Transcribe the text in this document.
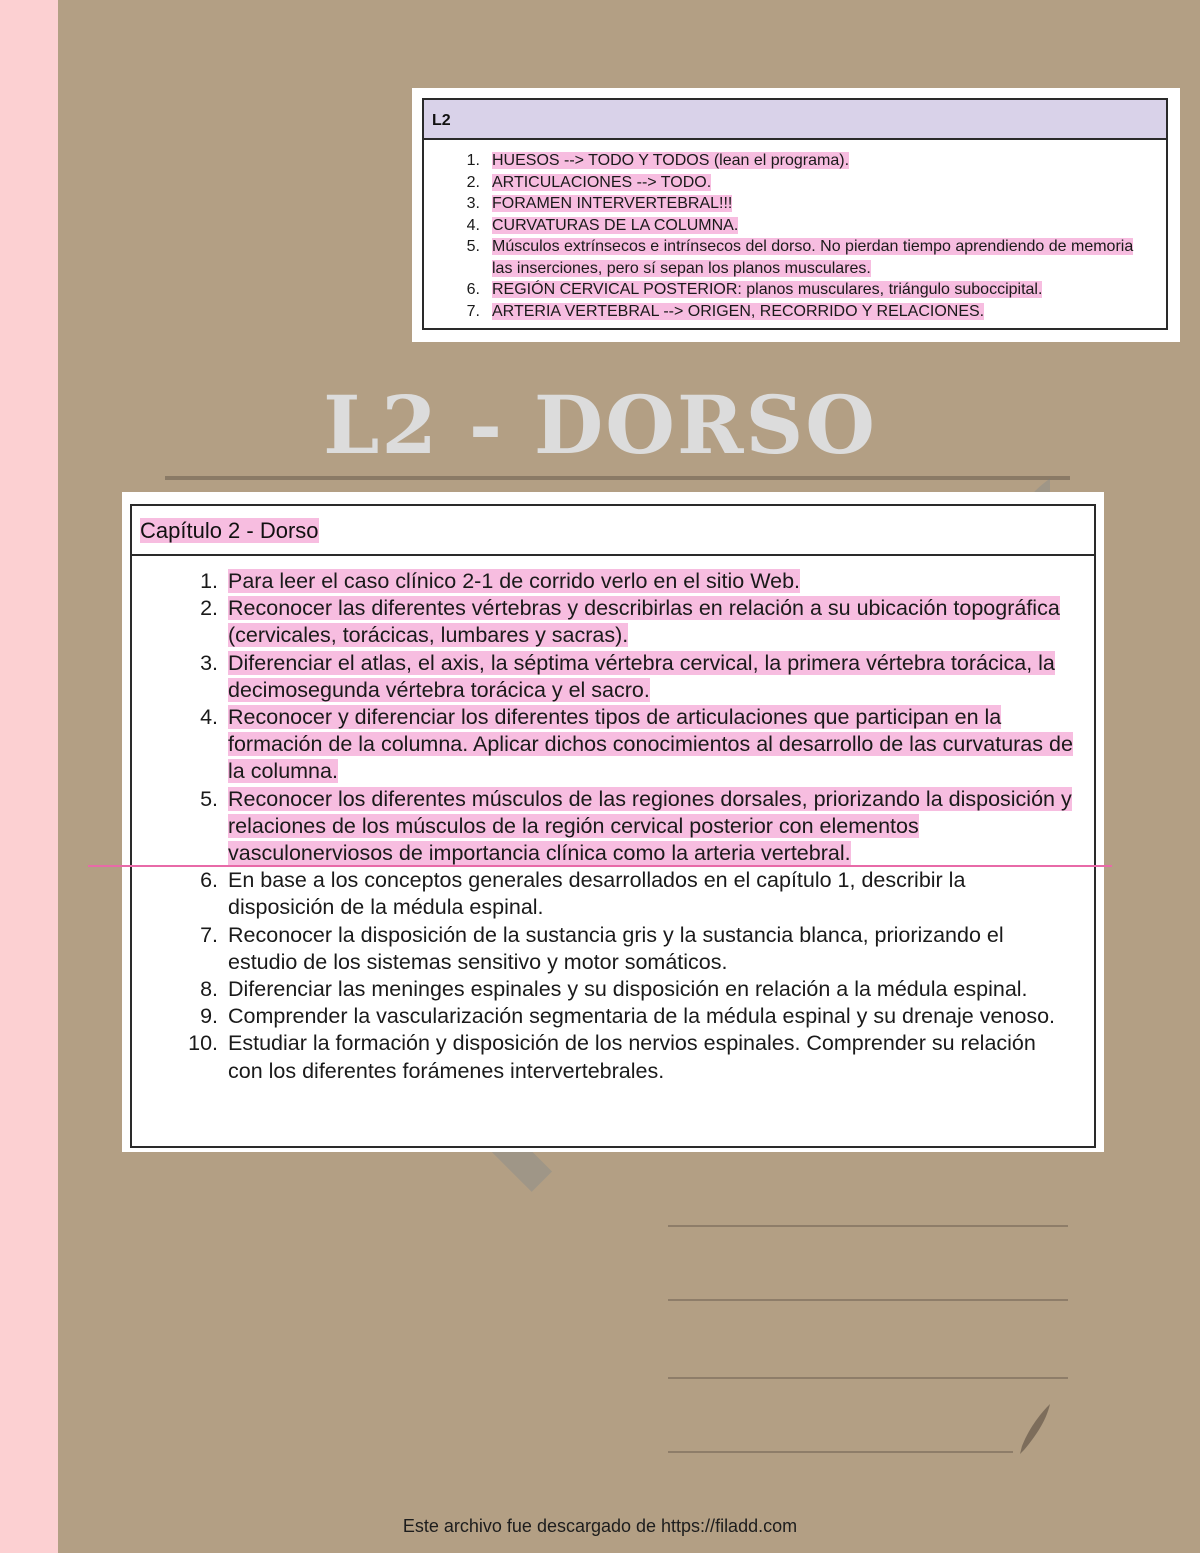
L2
1. HUESOS --> TODO Y TODOS (lean el programa).
2. ARTICULACIONES --> TODO.
3. FORAMEN INTERVERTEBRAL!!!
4. CURVATURAS DE LA COLUMNA.
5. Músculos extrínsecos e intrínsecos del dorso. No pierdan tiempo aprendiendo de memoria las inserciones, pero sí sepan los planos musculares.
6. REGIÓN CERVICAL POSTERIOR: planos musculares, triángulo suboccipital.
7. ARTERIA VERTEBRAL --> ORIGEN, RECORRIDO Y RELACIONES.
L2 - DORSO
Capítulo 2 - Dorso
1. Para leer el caso clínico 2-1 de corrido verlo en el sitio Web.
2. Reconocer las diferentes vértebras y describirlas en relación a su ubicación topográfica (cervicales, torácicas, lumbares y sacras).
3. Diferenciar el atlas, el axis, la séptima vértebra cervical, la primera vértebra torácica, la decimosegunda vértebra torácica y el sacro.
4. Reconocer y diferenciar los diferentes tipos de articulaciones que participan en la formación de la columna. Aplicar dichos conocimientos al desarrollo de las curvaturas de la columna.
5. Reconocer los diferentes músculos de las regiones dorsales, priorizando la disposición y relaciones de los músculos de la región cervical posterior con elementos vasculonerviosos de importancia clínica como la arteria vertebral.
6. En base a los conceptos generales desarrollados en el capítulo 1, describir la disposición de la médula espinal.
7. Reconocer la disposición de la sustancia gris y la sustancia blanca, priorizando el estudio de los sistemas sensitivo y motor somáticos.
8. Diferenciar las meninges espinales y su disposición en relación a la médula espinal.
9. Comprender la vascularización segmentaria de la médula espinal y su drenaje venoso.
10. Estudiar la formación y disposición de los nervios espinales. Comprender su relación con los diferentes forámenes intervertebrales.
Este archivo fue descargado de https://filadd.com
